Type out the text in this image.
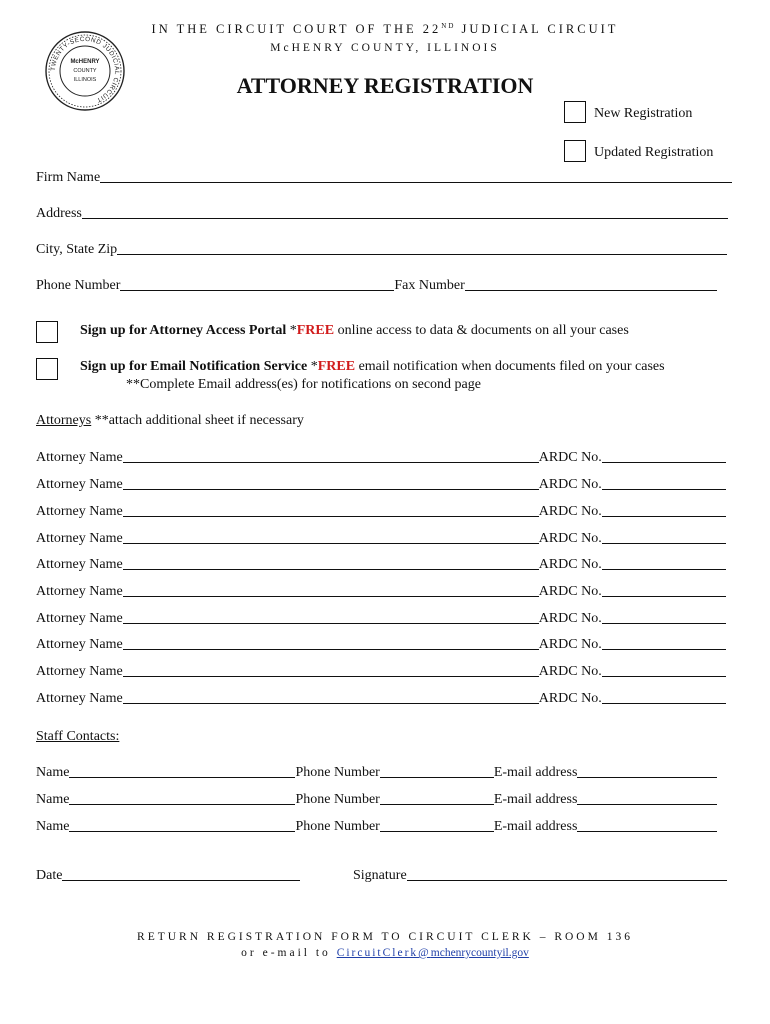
TWENTY-SECOND JUDICIAL CIRCUIT
McHENRY
COUNTY
ILLINOIS
IN THE CIRCUIT COURT OF THE 22ND JUDICIAL CIRCUIT
McHENRY COUNTY, ILLINOIS
ATTORNEY REGISTRATION
New Registration
Updated Registration
Firm Name
Address
City, State Zip
Phone Number	Fax Number
Sign up for Attorney Access Portal *FREE online access to data & documents on all your cases
Sign up for Email Notification Service *FREE email notification when documents filed on your cases
**Complete Email address(es) for notifications on second page
Attorneys **attach additional sheet if necessary
Attorney Name	ARDC No.
Attorney Name	ARDC No.
Attorney Name	ARDC No.
Attorney Name	ARDC No.
Attorney Name	ARDC No.
Attorney Name	ARDC No.
Attorney Name	ARDC No.
Attorney Name	ARDC No.
Attorney Name	ARDC No.
Attorney Name	ARDC No.
Staff Contacts:
Name	Phone Number	E-mail address
Name	Phone Number	E-mail address
Name	Phone Number	E-mail address
Date	Signature
RETURN REGISTRATION FORM TO CIRCUIT CLERK – ROOM 136
or e-mail to CircuitClerk@mchenrycountyil.gov
